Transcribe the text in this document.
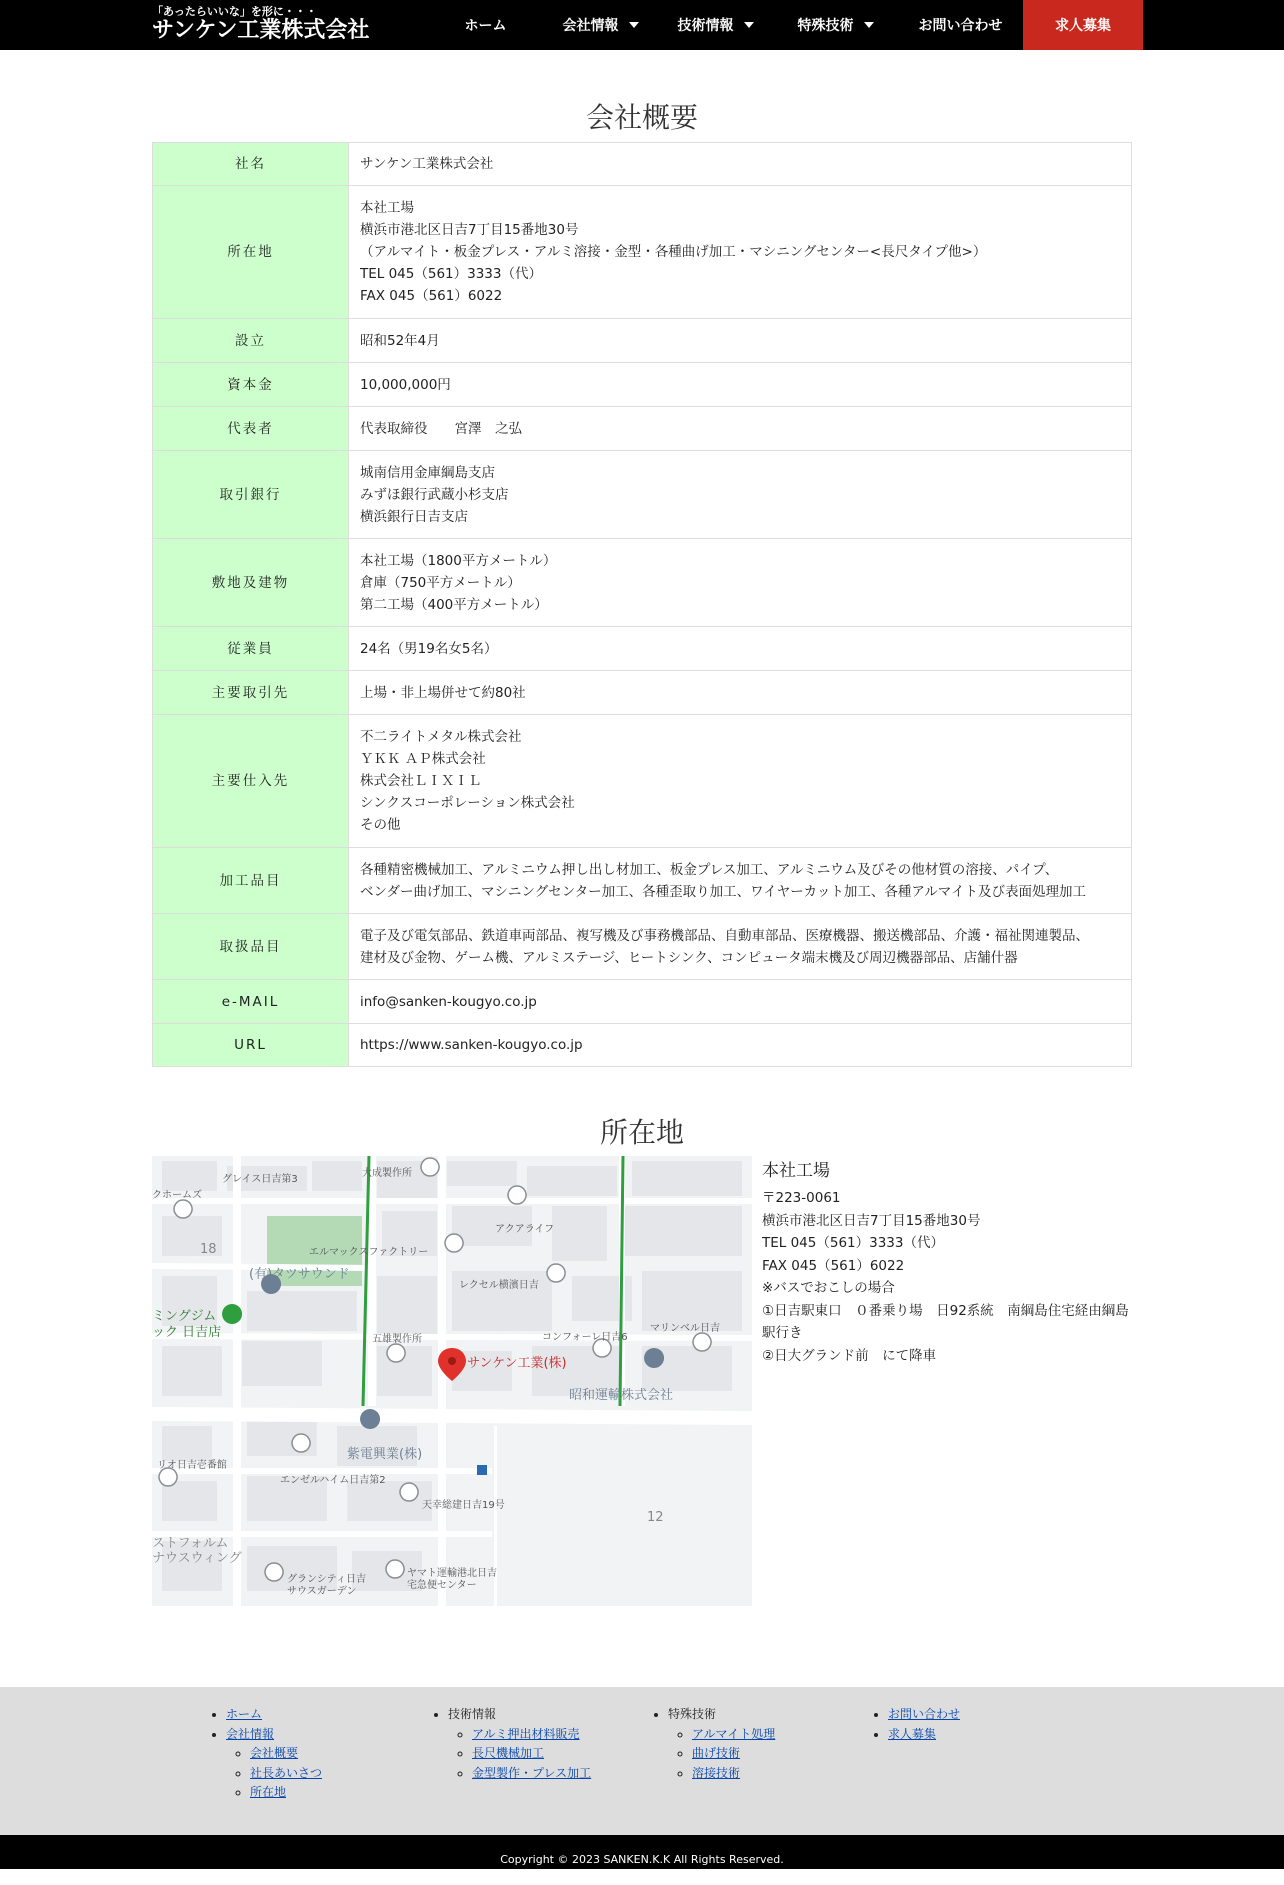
「あったらいいな」を形に・・・
サンケン工業株式会社	ホーム	会社情報	技術情報	特殊技術	お問い合わせ	求人募集
会社概要
社名	サンケン工業株式会社

所在地	本社工場
横浜市港北区日吉7丁目15番地30号
（アルマイト・板金プレス・アルミ溶接・金型・各種曲げ加工・マシニングセンター<長尺タイプ他>）
TEL 045（561）3333（代）
FAX 045（561）6022

設立	昭和52年4月

資本金	10,000,000円

代表者	代表取締役　　宮澤　之弘

取引銀行	城南信用金庫綱島支店
みずほ銀行武蔵小杉支店
横浜銀行日吉支店

敷地及建物	本社工場（1800平方メートル）
倉庫（750平方メートル）
第二工場（400平方メートル）

従業員	24名（男19名女5名）

主要取引先	上場・非上場併せて約80社

主要仕入先	不二ライトメタル株式会社
ＹＫＫ ＡＰ株式会社
株式会社ＬＩＸＩＬ
シンクスコーポレーション株式会社
その他

加工品目	各種精密機械加工、アルミニウム押し出し材加工、板金プレス加工、アルミニウム及びその他材質の溶接、パイプ、
ベンダー曲げ加工、マシニングセンター加工、各種歪取り加工、ワイヤーカット加工、各種アルマイト及び表面処理加工

取扱品目	電子及び電気部品、鉄道車両部品、複写機及び事務機部品、自動車部品、医療機器、搬送機部品、介護・福祉関連製品、
建材及び金物、ゲーム機、アルミステージ、ヒートシンク、コンピュータ端末機及び周辺機器部品、店舗什器

e-MAIL	info@sanken-kougyo.co.jp

URL	https://www.sanken-kougyo.co.jp
所在地
グレイス日吉第3
大成製作所
クホームズ
アクアライフ
エルマックスファクトリー
レクセル横濱日吉
五雄製作所	コンフォーレ日吉6
マリンベル日吉
リオ日吉壱番館
エンゼルハイム日吉第2
天幸総建日吉19号
グランシティ日吉
サウスガーデン
ヤマト運輸港北日吉
宅急便センター
(有)タツサウンド
昭和運輸株式会社
紫電興業(株)
ミングジム
ック 日吉店
ストフォルム
ナウスウィング
18
12
サンケン工業(株)
本社工場
〒223-0061
横浜市港北区日吉7丁目15番地30号
TEL 045（561）3333（代）
FAX 045（561）6022
※バスでおこしの場合
①日吉駅東口　０番乗り場　日92系統　南綱島住宅経由綱島駅行き
②日大グランド前　にて降車
• ホーム
• 会社情報
◦ 会社概要
◦ 社長あいさつ
◦ 所在地
• 技術情報
◦ アルミ押出材料販売
◦ 長尺機械加工
◦ 金型製作・プレス加工
• 特殊技術
◦ アルマイト処理
◦ 曲げ技術
◦ 溶接技術
• お問い合わせ
• 求人募集
Copyright © 2023 SANKEN.K.K All Rights Reserved.
